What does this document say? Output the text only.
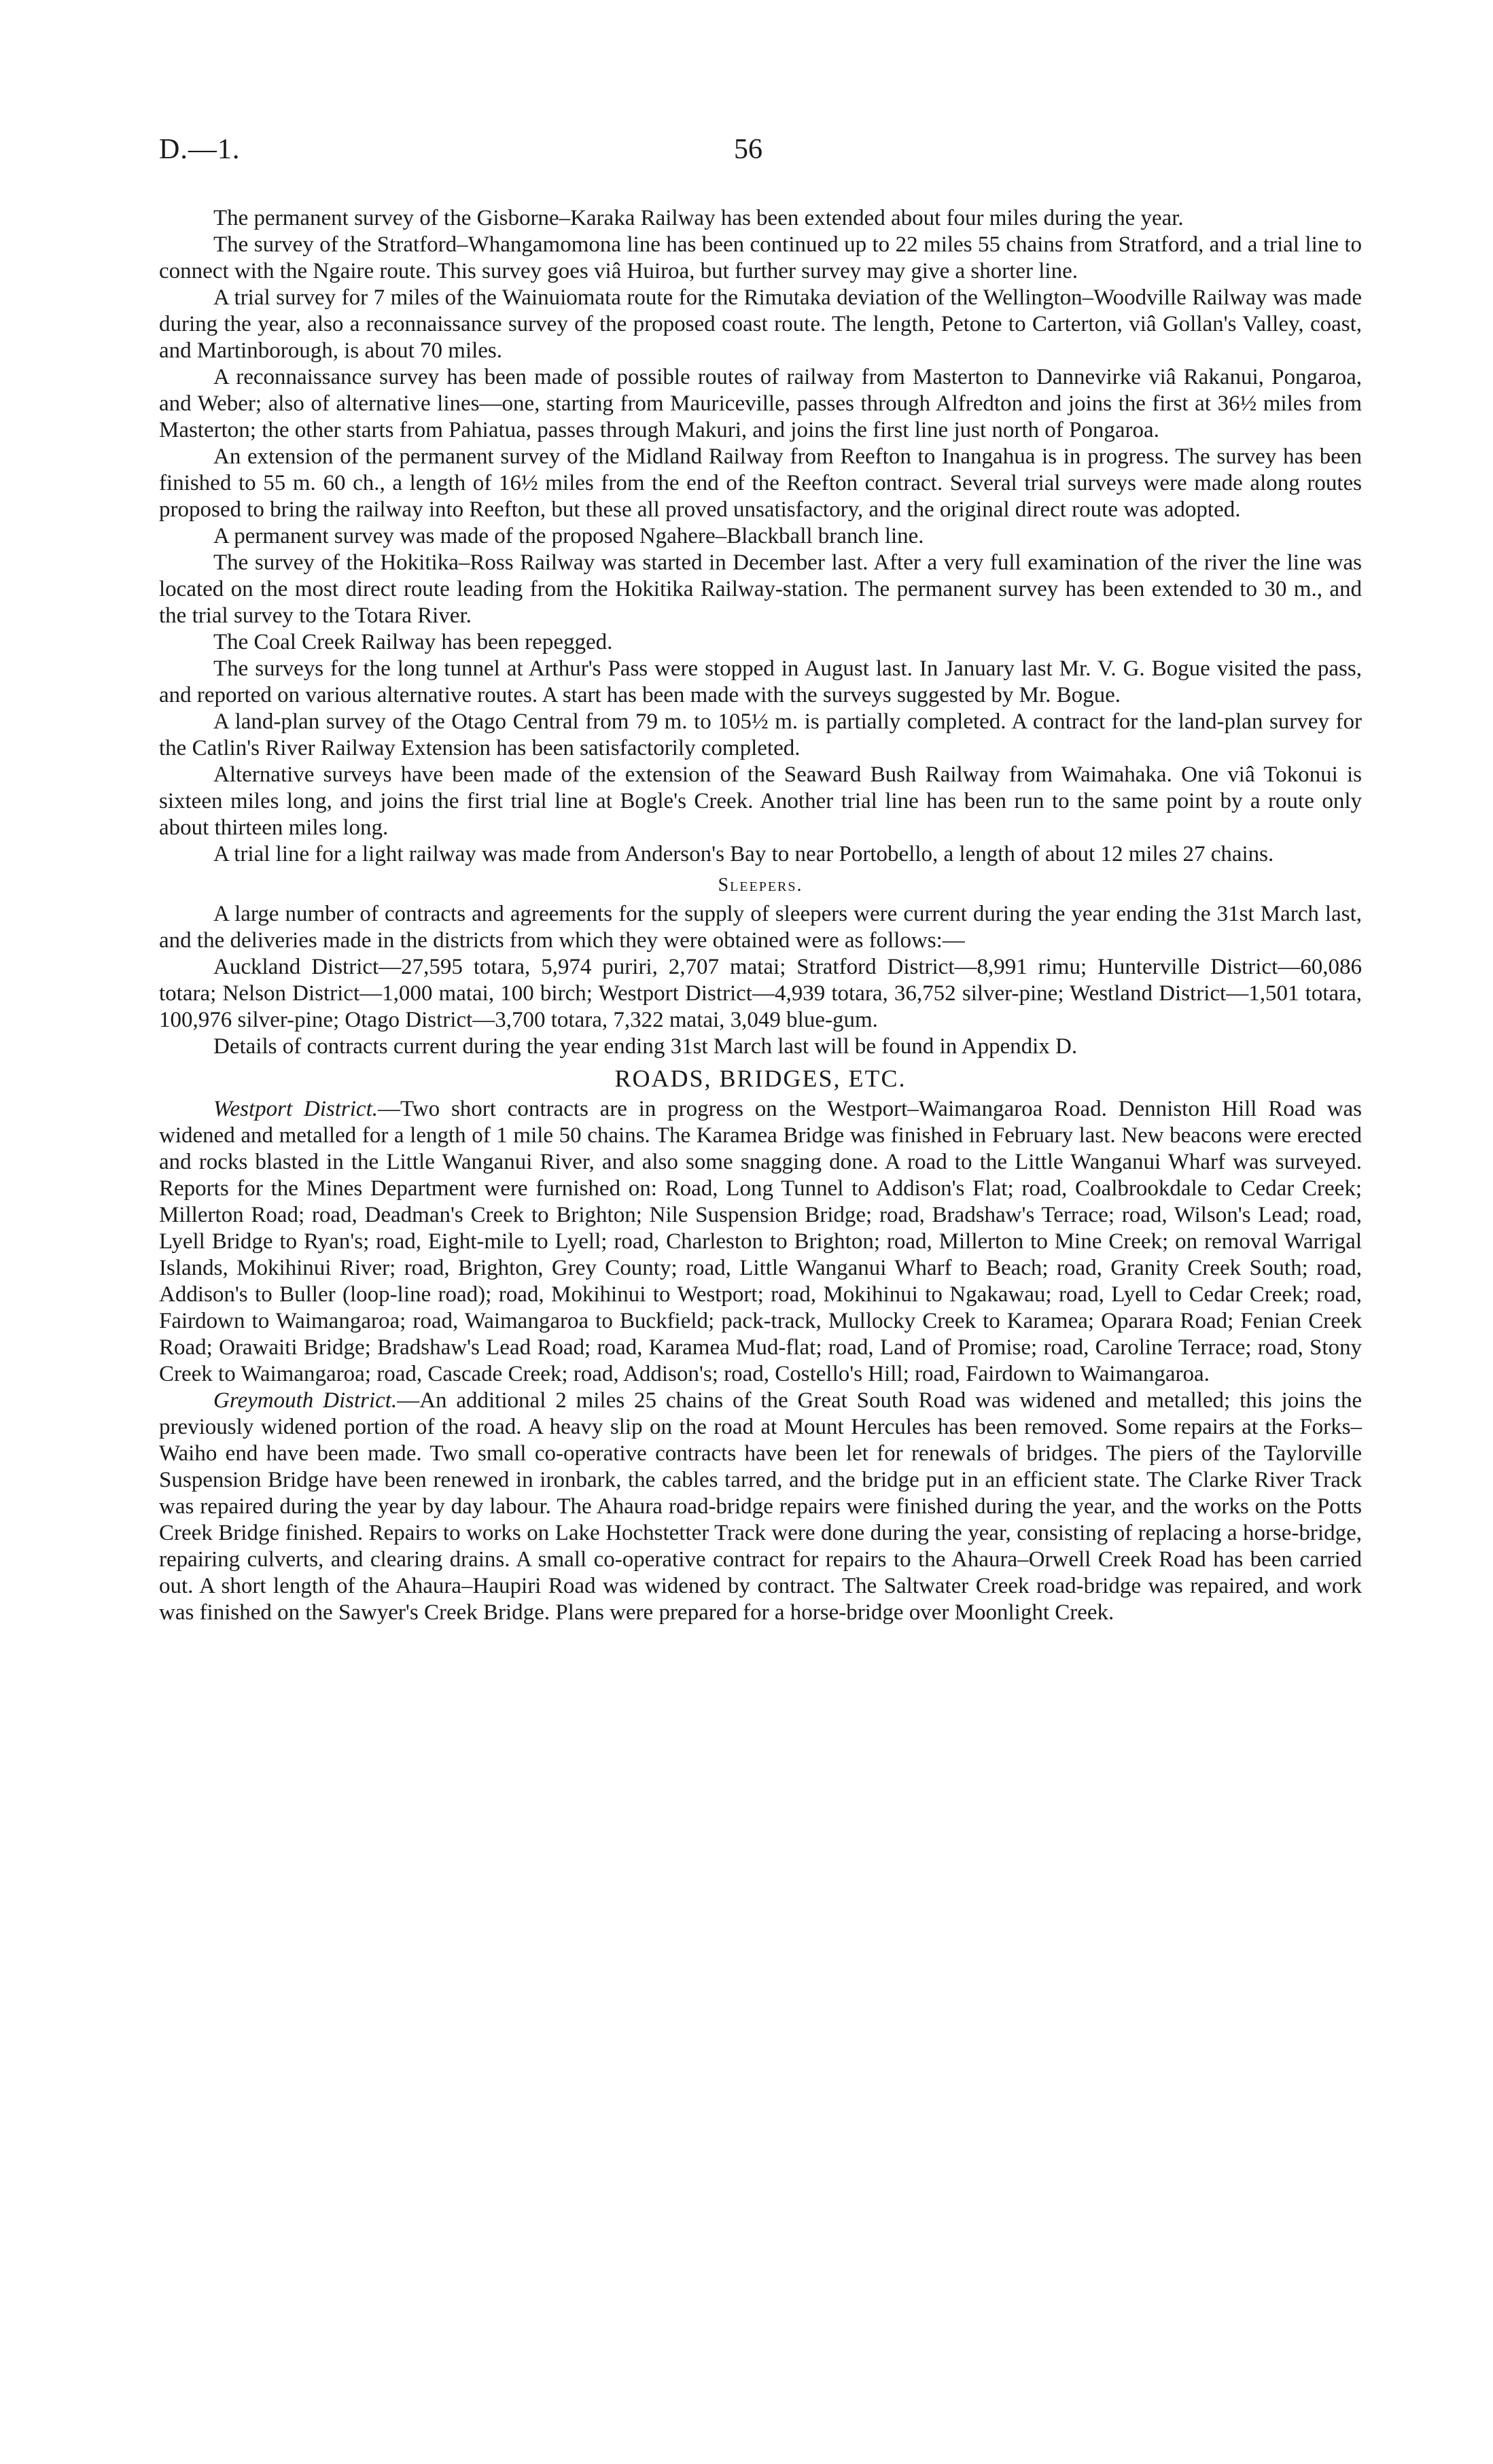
D.—1.	56

The permanent survey of the Gisborne–Karaka Railway has been extended about four miles during the year.

The survey of the Stratford–Whangamomona line has been continued up to 22 miles 55 chains from Stratford, and a trial line to connect with the Ngaire route. This survey goes viâ Huiroa, but further survey may give a shorter line.

A trial survey for 7 miles of the Wainuiomata route for the Rimutaka deviation of the Wellington–Woodville Railway was made during the year, also a reconnaissance survey of the proposed coast route. The length, Petone to Carterton, viâ Gollan's Valley, coast, and Martinborough, is about 70 miles.

A reconnaissance survey has been made of possible routes of railway from Masterton to Dannevirke viâ Rakanui, Pongaroa, and Weber; also of alternative lines—one, starting from Mauriceville, passes through Alfredton and joins the first at 36½ miles from Masterton; the other starts from Pahiatua, passes through Makuri, and joins the first line just north of Pongaroa.

An extension of the permanent survey of the Midland Railway from Reefton to Inangahua is in progress. The survey has been finished to 55 m. 60 ch., a length of 16½ miles from the end of the Reefton contract. Several trial surveys were made along routes proposed to bring the railway into Reefton, but these all proved unsatisfactory, and the original direct route was adopted.

A permanent survey was made of the proposed Ngahere–Blackball branch line.

The survey of the Hokitika–Ross Railway was started in December last. After a very full examination of the river the line was located on the most direct route leading from the Hokitika Railway-station. The permanent survey has been extended to 30 m., and the trial survey to the Totara River.

The Coal Creek Railway has been repegged.

The surveys for the long tunnel at Arthur's Pass were stopped in August last. In January last Mr. V. G. Bogue visited the pass, and reported on various alternative routes. A start has been made with the surveys suggested by Mr. Bogue.

A land-plan survey of the Otago Central from 79 m. to 105½ m. is partially completed. A contract for the land-plan survey for the Catlin's River Railway Extension has been satisfactorily completed.

Alternative surveys have been made of the extension of the Seaward Bush Railway from Waimahaka. One viâ Tokonui is sixteen miles long, and joins the first trial line at Bogle's Creek. Another trial line has been run to the same point by a route only about thirteen miles long.

A trial line for a light railway was made from Anderson's Bay to near Portobello, a length of about 12 miles 27 chains.

Sleepers.

A large number of contracts and agreements for the supply of sleepers were current during the year ending the 31st March last, and the deliveries made in the districts from which they were obtained were as follows:—

Auckland District—27,595 totara, 5,974 puriri, 2,707 matai; Stratford District—8,991 rimu; Hunterville District—60,086 totara; Nelson District—1,000 matai, 100 birch; Westport District—4,939 totara, 36,752 silver-pine; Westland District—1,501 totara, 100,976 silver-pine; Otago District—3,700 totara, 7,322 matai, 3,049 blue-gum.

Details of contracts current during the year ending 31st March last will be found in Appendix D.

ROADS, BRIDGES, ETC.

Westport District.—Two short contracts are in progress on the Westport–Waimangaroa Road. Denniston Hill Road was widened and metalled for a length of 1 mile 50 chains. The Karamea Bridge was finished in February last. New beacons were erected and rocks blasted in the Little Wanganui River, and also some snagging done. A road to the Little Wanganui Wharf was surveyed. Reports for the Mines Department were furnished on: Road, Long Tunnel to Addison's Flat; road, Coalbrookdale to Cedar Creek; Millerton Road; road, Deadman's Creek to Brighton; Nile Suspension Bridge; road, Bradshaw's Terrace; road, Wilson's Lead; road, Lyell Bridge to Ryan's; road, Eight-mile to Lyell; road, Charleston to Brighton; road, Millerton to Mine Creek; on removal Warrigal Islands, Mokihinui River; road, Brighton, Grey County; road, Little Wanganui Wharf to Beach; road, Granity Creek South; road, Addison's to Buller (loop-line road); road, Mokihinui to Westport; road, Mokihinui to Ngakawau; road, Lyell to Cedar Creek; road, Fairdown to Waimangaroa; road, Waimangaroa to Buckfield; pack-track, Mullocky Creek to Karamea; Oparara Road; Fenian Creek Road; Orawaiti Bridge; Bradshaw's Lead Road; road, Karamea Mud-flat; road, Land of Promise; road, Caroline Terrace; road, Stony Creek to Waimangaroa; road, Cascade Creek; road, Addison's; road, Costello's Hill; road, Fairdown to Waimangaroa.

Greymouth District.—An additional 2 miles 25 chains of the Great South Road was widened and metalled; this joins the previously widened portion of the road. A heavy slip on the road at Mount Hercules has been removed. Some repairs at the Forks–Waiho end have been made. Two small co-operative contracts have been let for renewals of bridges. The piers of the Taylorville Suspension Bridge have been renewed in ironbark, the cables tarred, and the bridge put in an efficient state. The Clarke River Track was repaired during the year by day labour. The Ahaura road-bridge repairs were finished during the year, and the works on the Potts Creek Bridge finished. Repairs to works on Lake Hochstetter Track were done during the year, consisting of replacing a horse-bridge, repairing culverts, and clearing drains. A small co-operative contract for repairs to the Ahaura–Orwell Creek Road has been carried out. A short length of the Ahaura–Haupiri Road was widened by contract. The Saltwater Creek road-bridge was repaired, and work was finished on the Sawyer's Creek Bridge. Plans were prepared for a horse-bridge over Moonlight Creek.
